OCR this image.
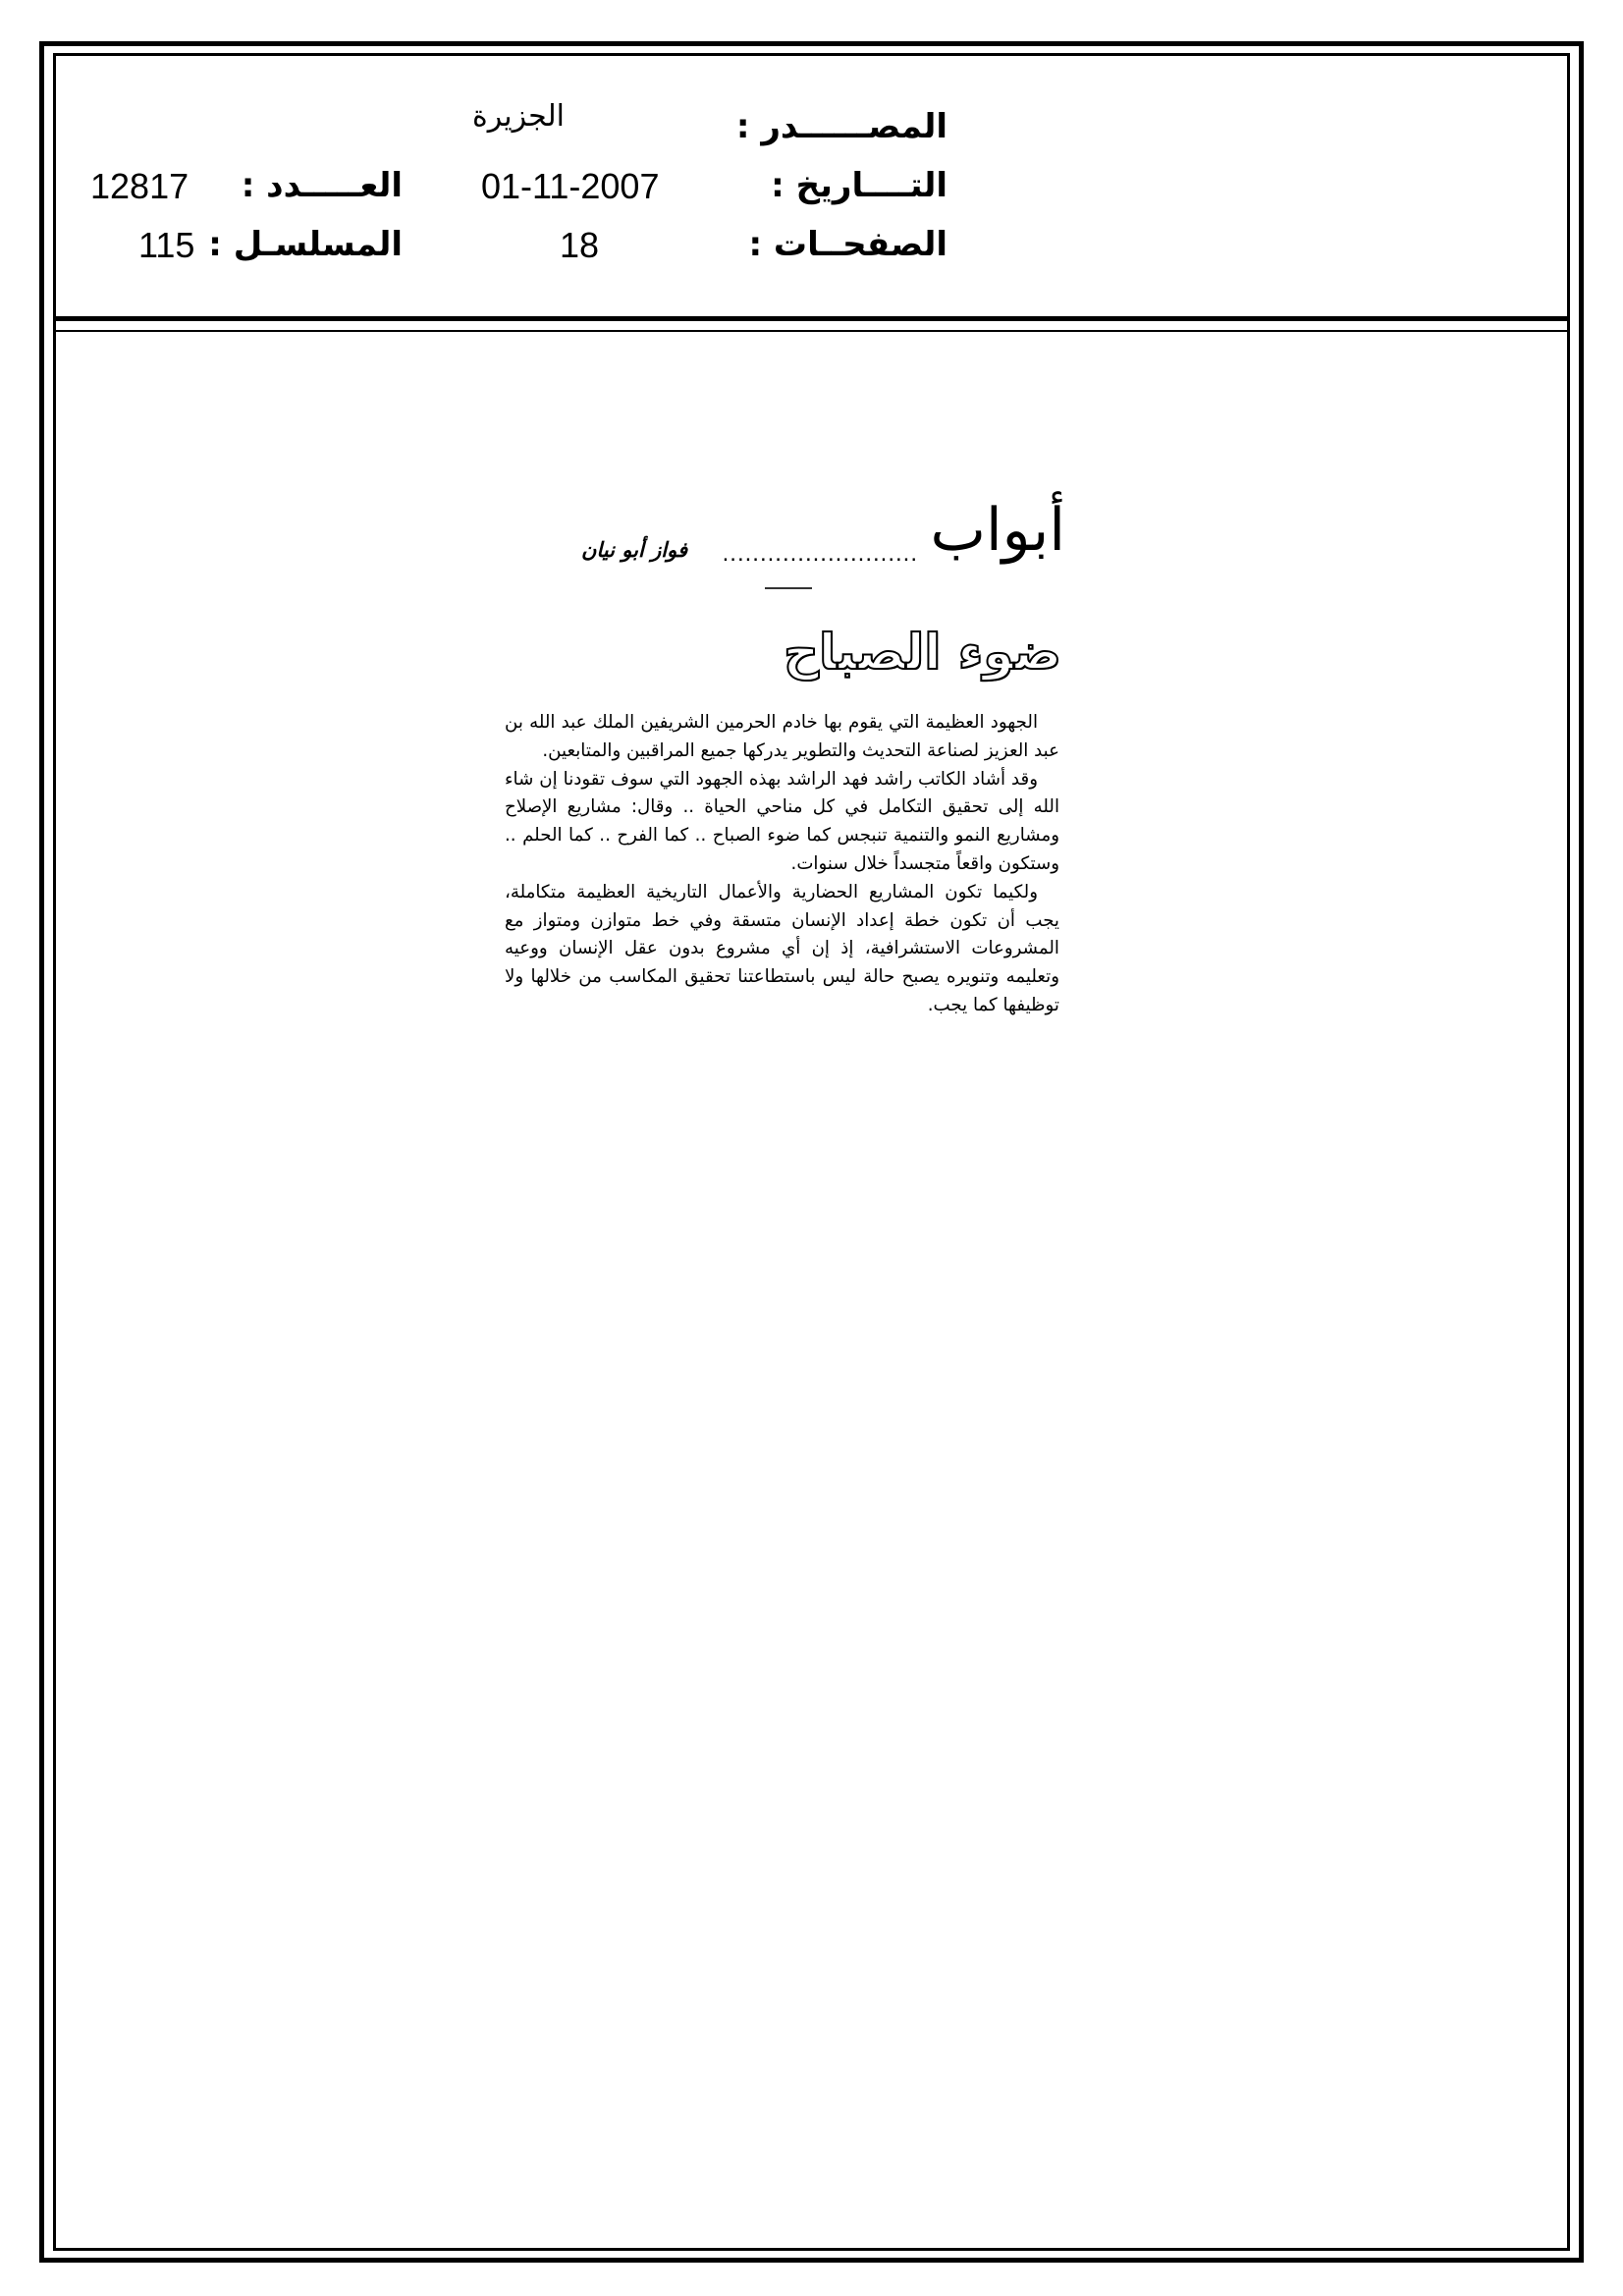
المصــــــدر :
الجزيرة
التــــاريخ :
01-11-2007
العـــــدد :
12817
الصفحــات :
18
المسلسـل :
115
أبواب
..........................
فواز أبو نيان
ضوء الصباح

الجهود العظيمة التي يقوم بها خادم الحرمين الشريفين الملك عبد الله بن عبد العزيز لصناعة التحديث والتطوير يدركها جميع المراقبين والمتابعين.

وقد أشاد الكاتب راشد فهد الراشد بهذه الجهود التي سوف تقودنا إن شاء الله إلى تحقيق التكامل في كل مناحي الحياة .. وقال: مشاريع الإصلاح ومشاريع النمو والتنمية تنبجس كما ضوء الصباح .. كما الفرح .. كما الحلم .. وستكون واقعاً متجسداً خلال سنوات.

ولكيما تكون المشاريع الحضارية والأعمال التاريخية العظيمة متكاملة، يجب أن تكون خطة إعداد الإنسان متسقة وفي خط متوازن ومتواز مع المشروعات الاستشرافية، إذ إن أي مشروع بدون عقل الإنسان ووعيه وتعليمه وتنويره يصبح حالة ليس باستطاعتنا تحقيق المكاسب من خلالها ولا توظيفها كما يجب.
